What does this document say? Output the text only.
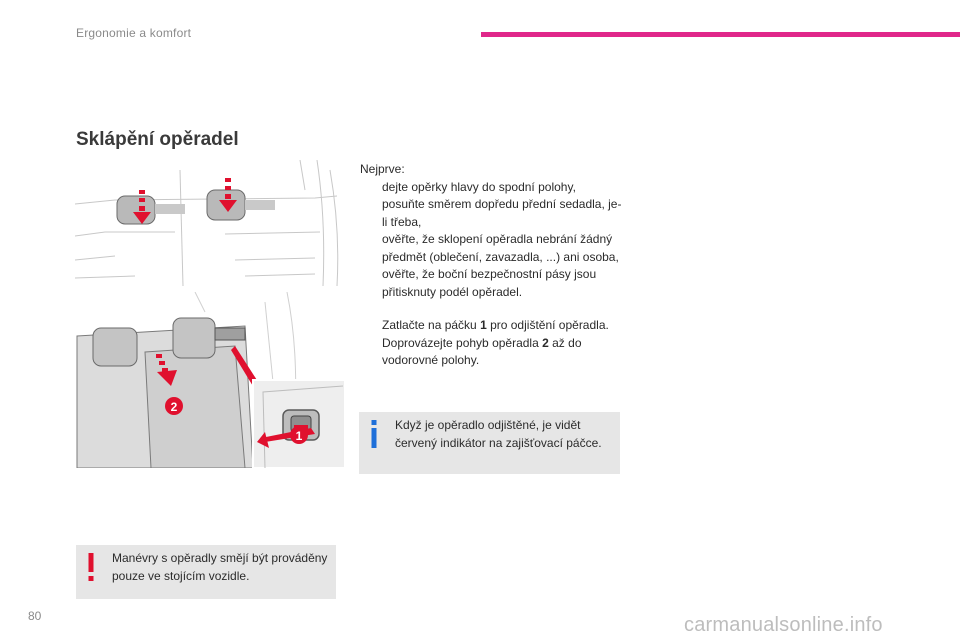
Ergonomie a komfort
Sklápění opěradel
2
1
Nejprve:
dejte opěrky hlavy do spodní polohy,
posuňte směrem dopředu přední sedadla, je-li třeba,
ověřte, že sklopení opěradla nebrání žádný předmět (oblečení, zavazadla, ...) ani osoba,
ověřte, že boční bezpečnostní pásy jsou přitisknuty podél opěradel.
Zatlačte na páčku 1 pro odjištění opěradla.
Doprovázejte pohyb opěradla 2 až do vodorovné polohy.
Když je opěradlo odjištěné, je vidět červený indikátor na zajišťovací páčce.
Manévry s opěradly smějí být prováděny pouze ve stojícím vozidle.
80	carmanualsonline.info
